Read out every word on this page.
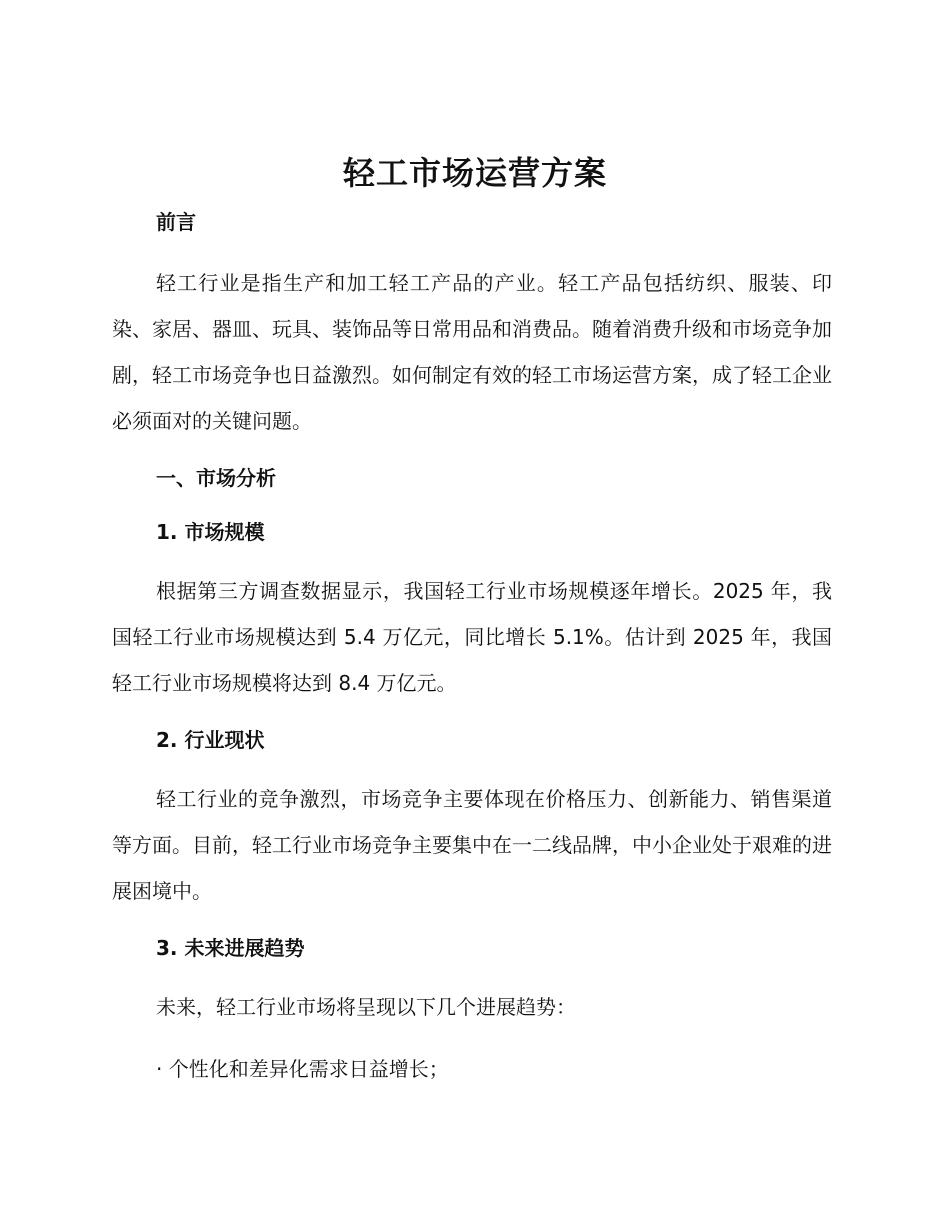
轻工市场运营方案

前言

轻工行业是指生产和加工轻工产品的产业。轻工产品包括纺织、服装、印染、家居、器皿、玩具、装饰品等日常用品和消费品。随着消费升级和市场竞争加剧，轻工市场竞争也日益激烈。如何制定有效的轻工市场运营方案，成了轻工企业必须面对的关键问题。

一、市场分析

1. 市场规模

根据第三方调查数据显示，我国轻工行业市场规模逐年增长。2025 年，我国轻工行业市场规模达到 5.4 万亿元，同比增长 5.1%。估计到 2025 年，我国轻工行业市场规模将达到 8.4 万亿元。

2. 行业现状

轻工行业的竞争激烈，市场竞争主要体现在价格压力、创新能力、销售渠道等方面。目前，轻工行业市场竞争主要集中在一二线品牌，中小企业处于艰难的进展困境中。

3. 未来进展趋势

未来，轻工行业市场将呈现以下几个进展趋势：

· 个性化和差异化需求日益增长；
